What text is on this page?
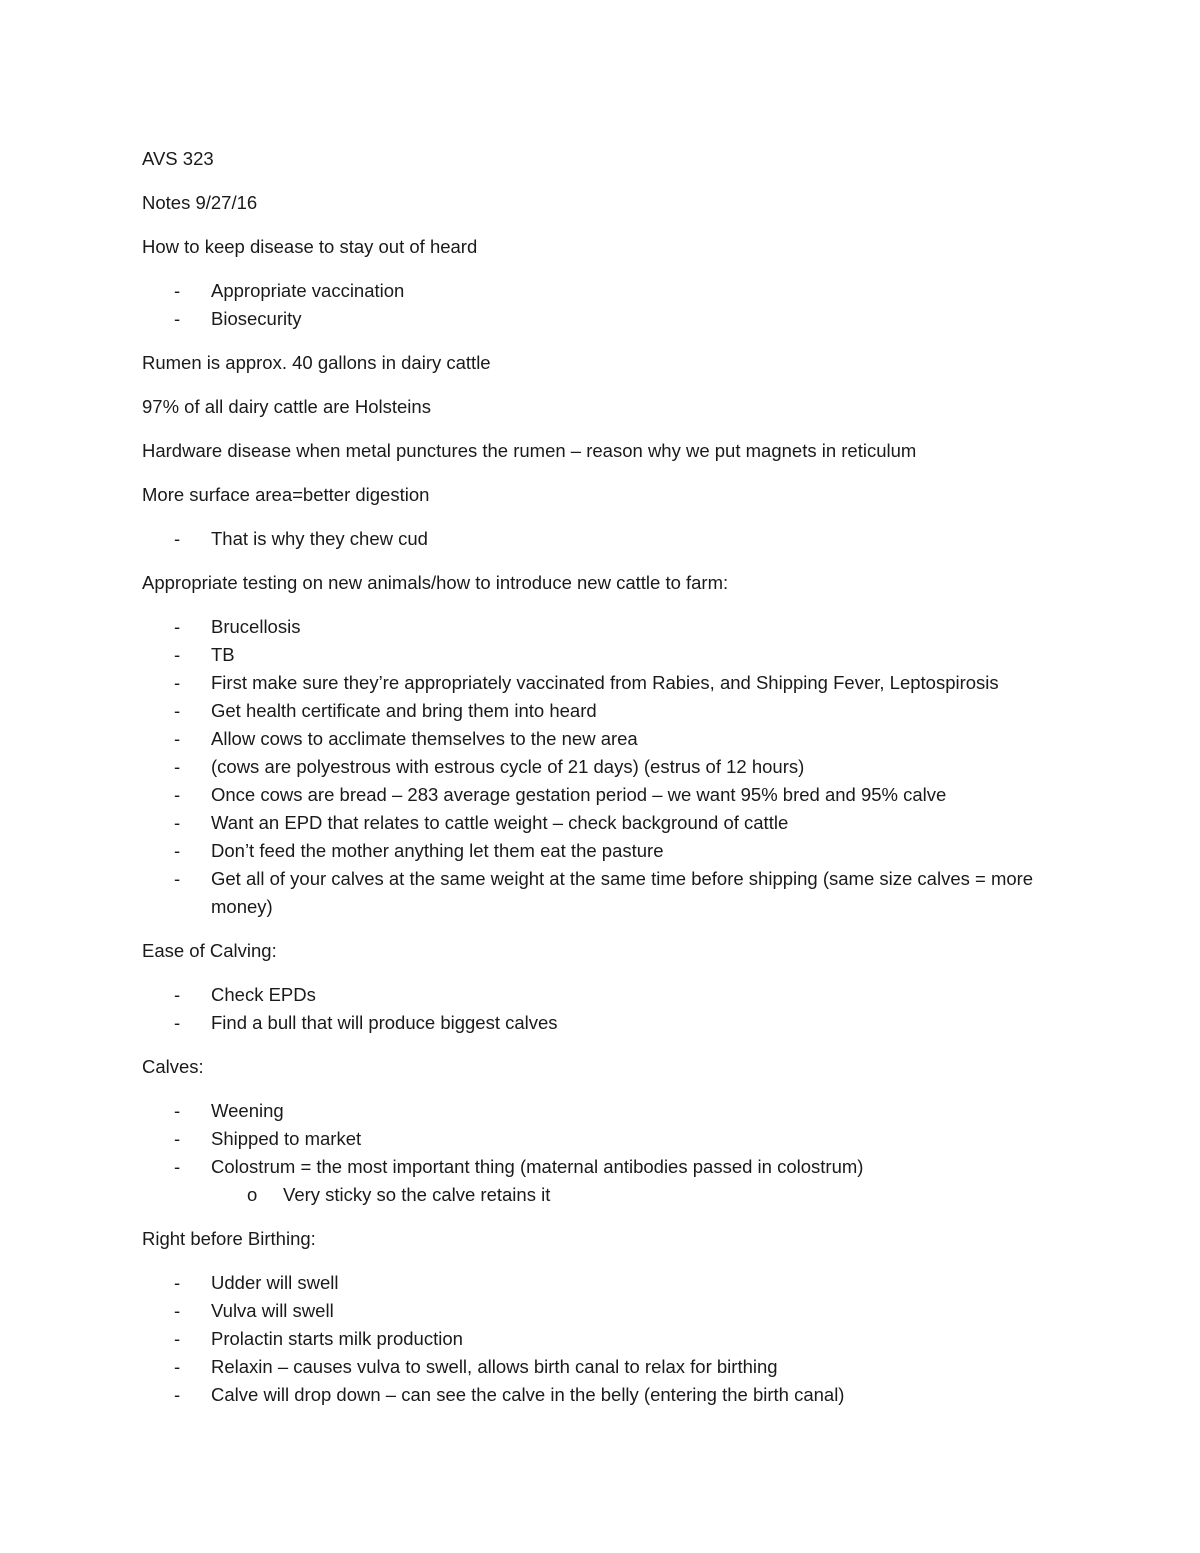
AVS 323

Notes 9/27/16

How to keep disease to stay out of heard

-	Appropriate vaccination
-	Biosecurity

Rumen is approx. 40 gallons in dairy cattle

97% of all dairy cattle are Holsteins

Hardware disease when metal punctures the rumen – reason why we put magnets in reticulum

More surface area=better digestion

-	That is why they chew cud

Appropriate testing on new animals/how to introduce new cattle to farm:

-	Brucellosis
-	TB
-	First make sure they’re appropriately vaccinated from Rabies, and Shipping Fever, Leptospirosis
-	Get health certificate and bring them into heard
-	Allow cows to acclimate themselves to the new area
-	(cows are polyestrous with estrous cycle of 21 days) (estrus of 12 hours)
-	Once cows are bread – 283 average gestation period – we want 95% bred and 95% calve
-	Want an EPD that relates to cattle weight – check background of cattle
-	Don’t feed the mother anything let them eat the pasture
-	Get all of your calves at the same weight at the same time before shipping (same size calves = more money)

Ease of Calving:

-	Check EPDs
-	Find a bull that will produce biggest calves

Calves:

-	Weening
-	Shipped to market
-	Colostrum = the most important thing (maternal antibodies passed in colostrum)
o	Very sticky so the calve retains it

Right before Birthing:

-	Udder will swell
-	Vulva will swell
-	Prolactin starts milk production
-	Relaxin – causes vulva to swell, allows birth canal to relax for birthing
-	Calve will drop down – can see the calve in the belly (entering the birth canal)
